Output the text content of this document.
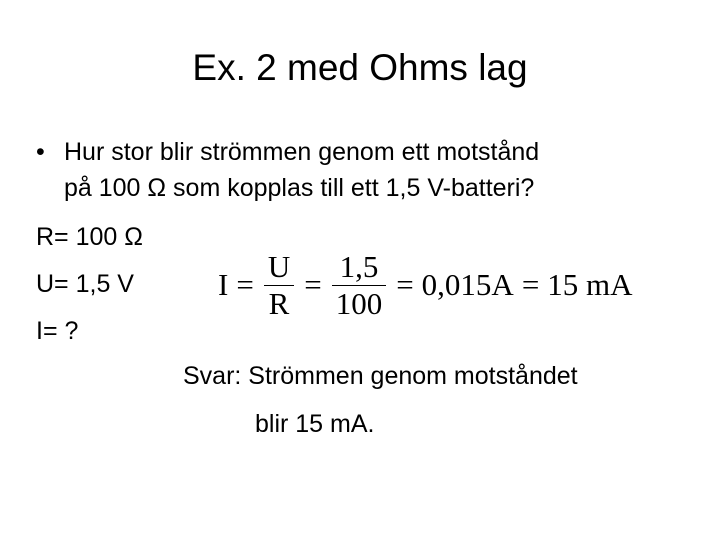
Ex. 2 med Ohms lag
• Hur stor blir strömmen genom ett motstånd
på 100 Ω som kopplas till ett 1,5 V-batteri?
R= 100 Ω
U= 1,5 V
I= ?
$I = \frac{U}{R} = \frac{1,5}{100} = 0,015A = 15$ mA
Svar: Strömmen genom motståndet
blir 15 mA.
